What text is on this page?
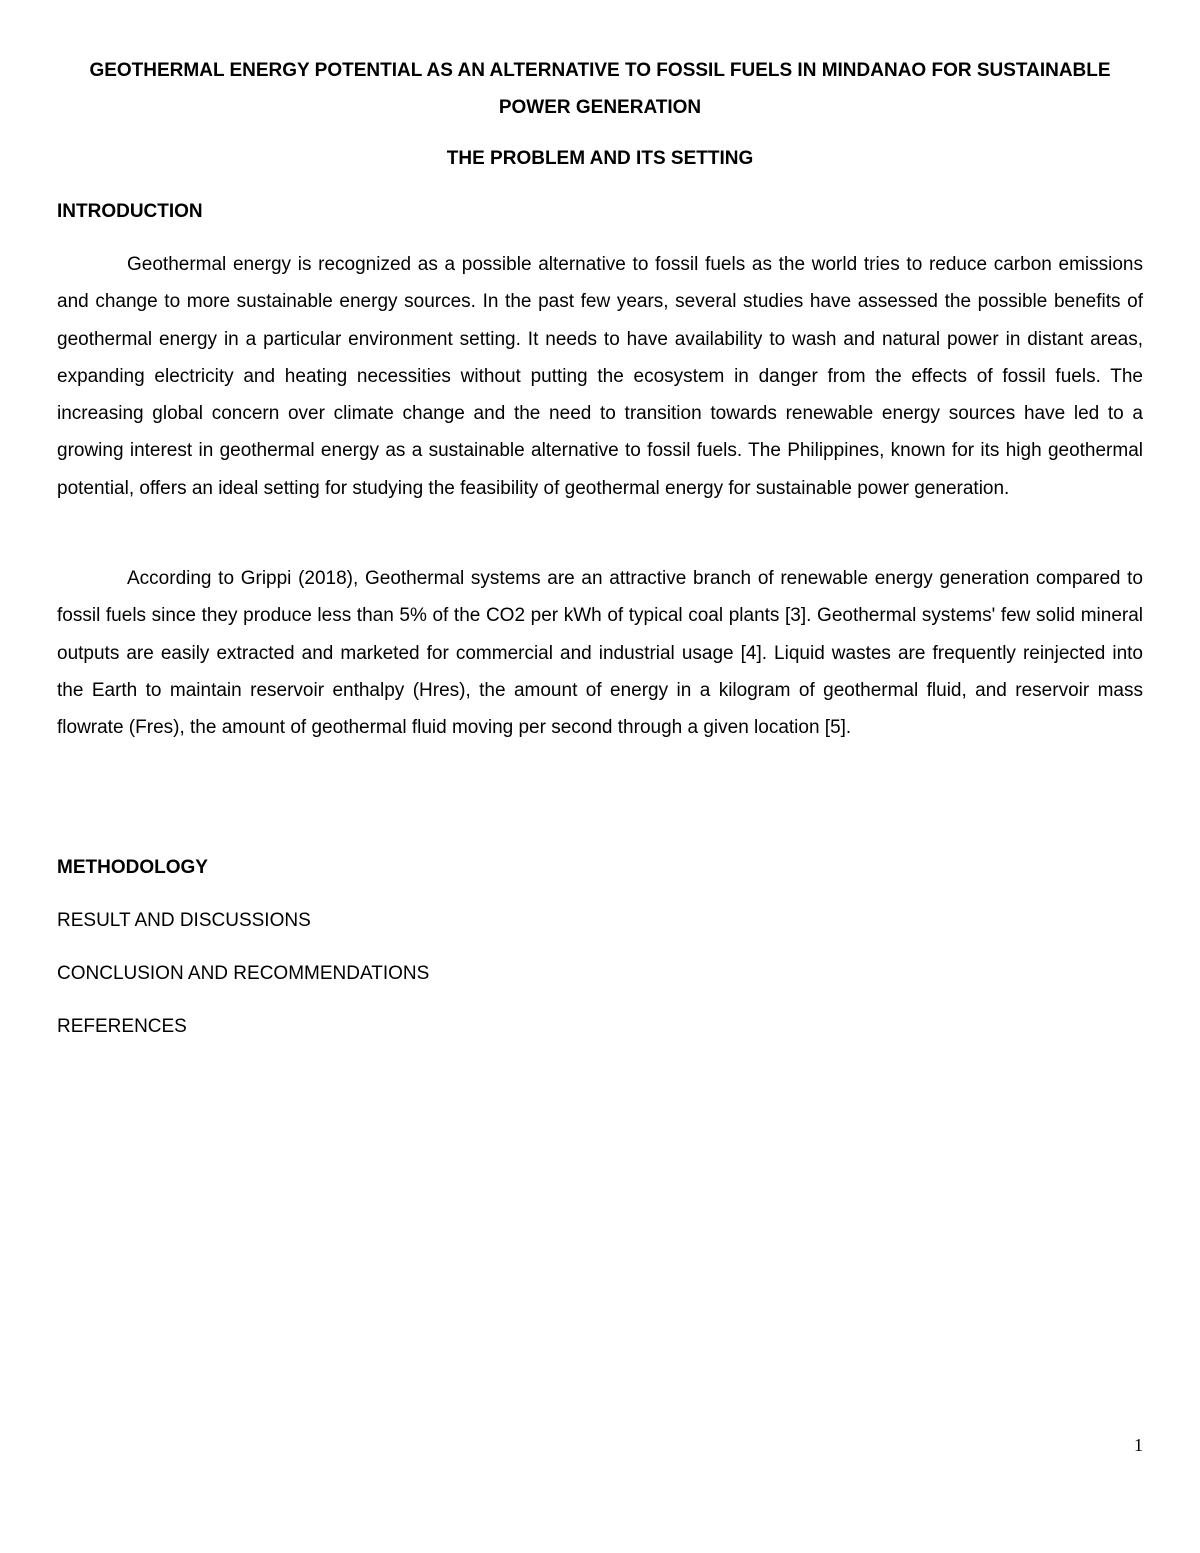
GEOTHERMAL ENERGY POTENTIAL AS AN ALTERNATIVE TO FOSSIL FUELS IN MINDANAO FOR SUSTAINABLE POWER GENERATION
THE PROBLEM AND ITS SETTING
INTRODUCTION

Geothermal energy is recognized as a possible alternative to fossil fuels as the world tries to reduce carbon emissions and change to more sustainable energy sources. In the past few years, several studies have assessed the possible benefits of geothermal energy in a particular environment setting. It needs to have availability to wash and natural power in distant areas, expanding electricity and heating necessities without putting the ecosystem in danger from the effects of fossil fuels. The increasing global concern over climate change and the need to transition towards renewable energy sources have led to a growing interest in geothermal energy as a sustainable alternative to fossil fuels. The Philippines, known for its high geothermal potential, offers an ideal setting for studying the feasibility of geothermal energy for sustainable power generation.

According to Grippi (2018), Geothermal systems are an attractive branch of renewable energy generation compared to fossil fuels since they produce less than 5% of the CO2 per kWh of typical coal plants [3]. Geothermal systems' few solid mineral outputs are easily extracted and marketed for commercial and industrial usage [4]. Liquid wastes are frequently reinjected into the Earth to maintain reservoir enthalpy (Hres), the amount of energy in a kilogram of geothermal fluid, and reservoir mass flowrate (Fres), the amount of geothermal fluid moving per second through a given location [5].

METHODOLOGY

RESULT AND DISCUSSIONS

CONCLUSION AND RECOMMENDATIONS

REFERENCES

1
